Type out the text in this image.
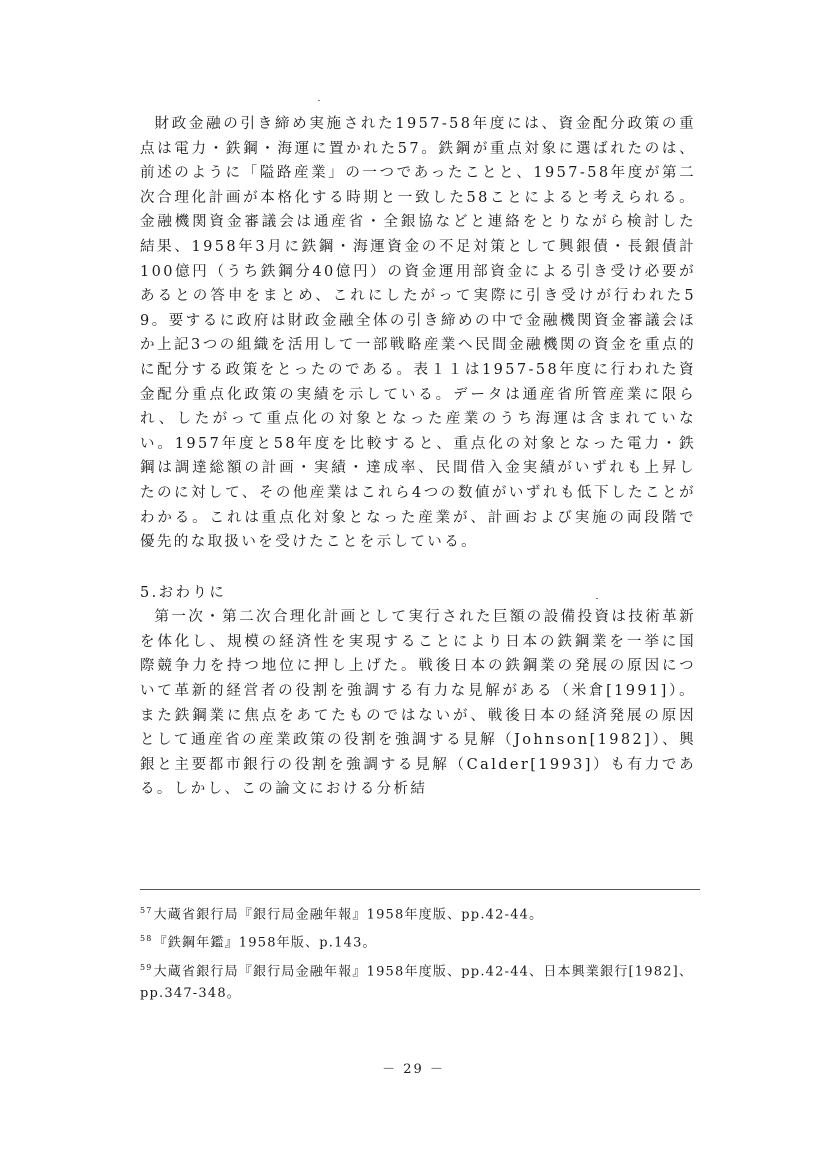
財政金融の引き締め実施された1957-58年度には、資金配分政策の重点は電力・鉄鋼・海運に置かれた57。鉄鋼が重点対象に選ばれたのは、前述のように「隘路産業」の一つであったことと、1957-58年度が第二次合理化計画が本格化する時期と一致した58ことによると考えられる。金融機関資金審議会は通産省・全銀協などと連絡をとりながら検討した結果、1958年3月に鉄鋼・海運資金の不足対策として興銀債・長銀債計100億円（うち鉄鋼分40億円）の資金運用部資金による引き受け必要があるとの答申をまとめ、これにしたがって実際に引き受けが行われた59。要するに政府は財政金融全体の引き締めの中で金融機関資金審議会ほか上記3つの組織を活用して一部戦略産業へ民間金融機関の資金を重点的に配分する政策をとったのである。表１１は1957-58年度に行われた資金配分重点化政策の実績を示している。データは通産省所管産業に限られ、したがって重点化の対象となった産業のうち海運は含まれていない。1957年度と58年度を比較すると、重点化の対象となった電力・鉄鋼は調達総額の計画・実績・達成率、民間借入金実績がいずれも上昇したのに対して、その他産業はこれら4つの数値がいずれも低下したことがわかる。これは重点化対象となった産業が、計画および実施の両段階で優先的な取扱いを受けたことを示している。

5.おわりに

第一次・第二次合理化計画として実行された巨額の設備投資は技術革新を体化し、規模の経済性を実現することにより日本の鉄鋼業を一挙に国際競争力を持つ地位に押し上げた。戦後日本の鉄鋼業の発展の原因について革新的経営者の役割を強調する有力な見解がある（米倉[1991]）。また鉄鋼業に焦点をあてたものではないが、戦後日本の経済発展の原因として通産省の産業政策の役割を強調する見解（Johnson[1982]）、興銀と主要都市銀行の役割を強調する見解（Calder[1993]）も有力である。しかし、この論文における分析結

$^{57}$大蔵省銀行局『銀行局金融年報』1958年度版、pp.42-44。

$^{58}$『鉄鋼年鑑』1958年版、p.143。

$^{59}$大蔵省銀行局『銀行局金融年報』1958年度版、pp.42-44、日本興業銀行[1982]、pp.347-348。

－ 29 －
